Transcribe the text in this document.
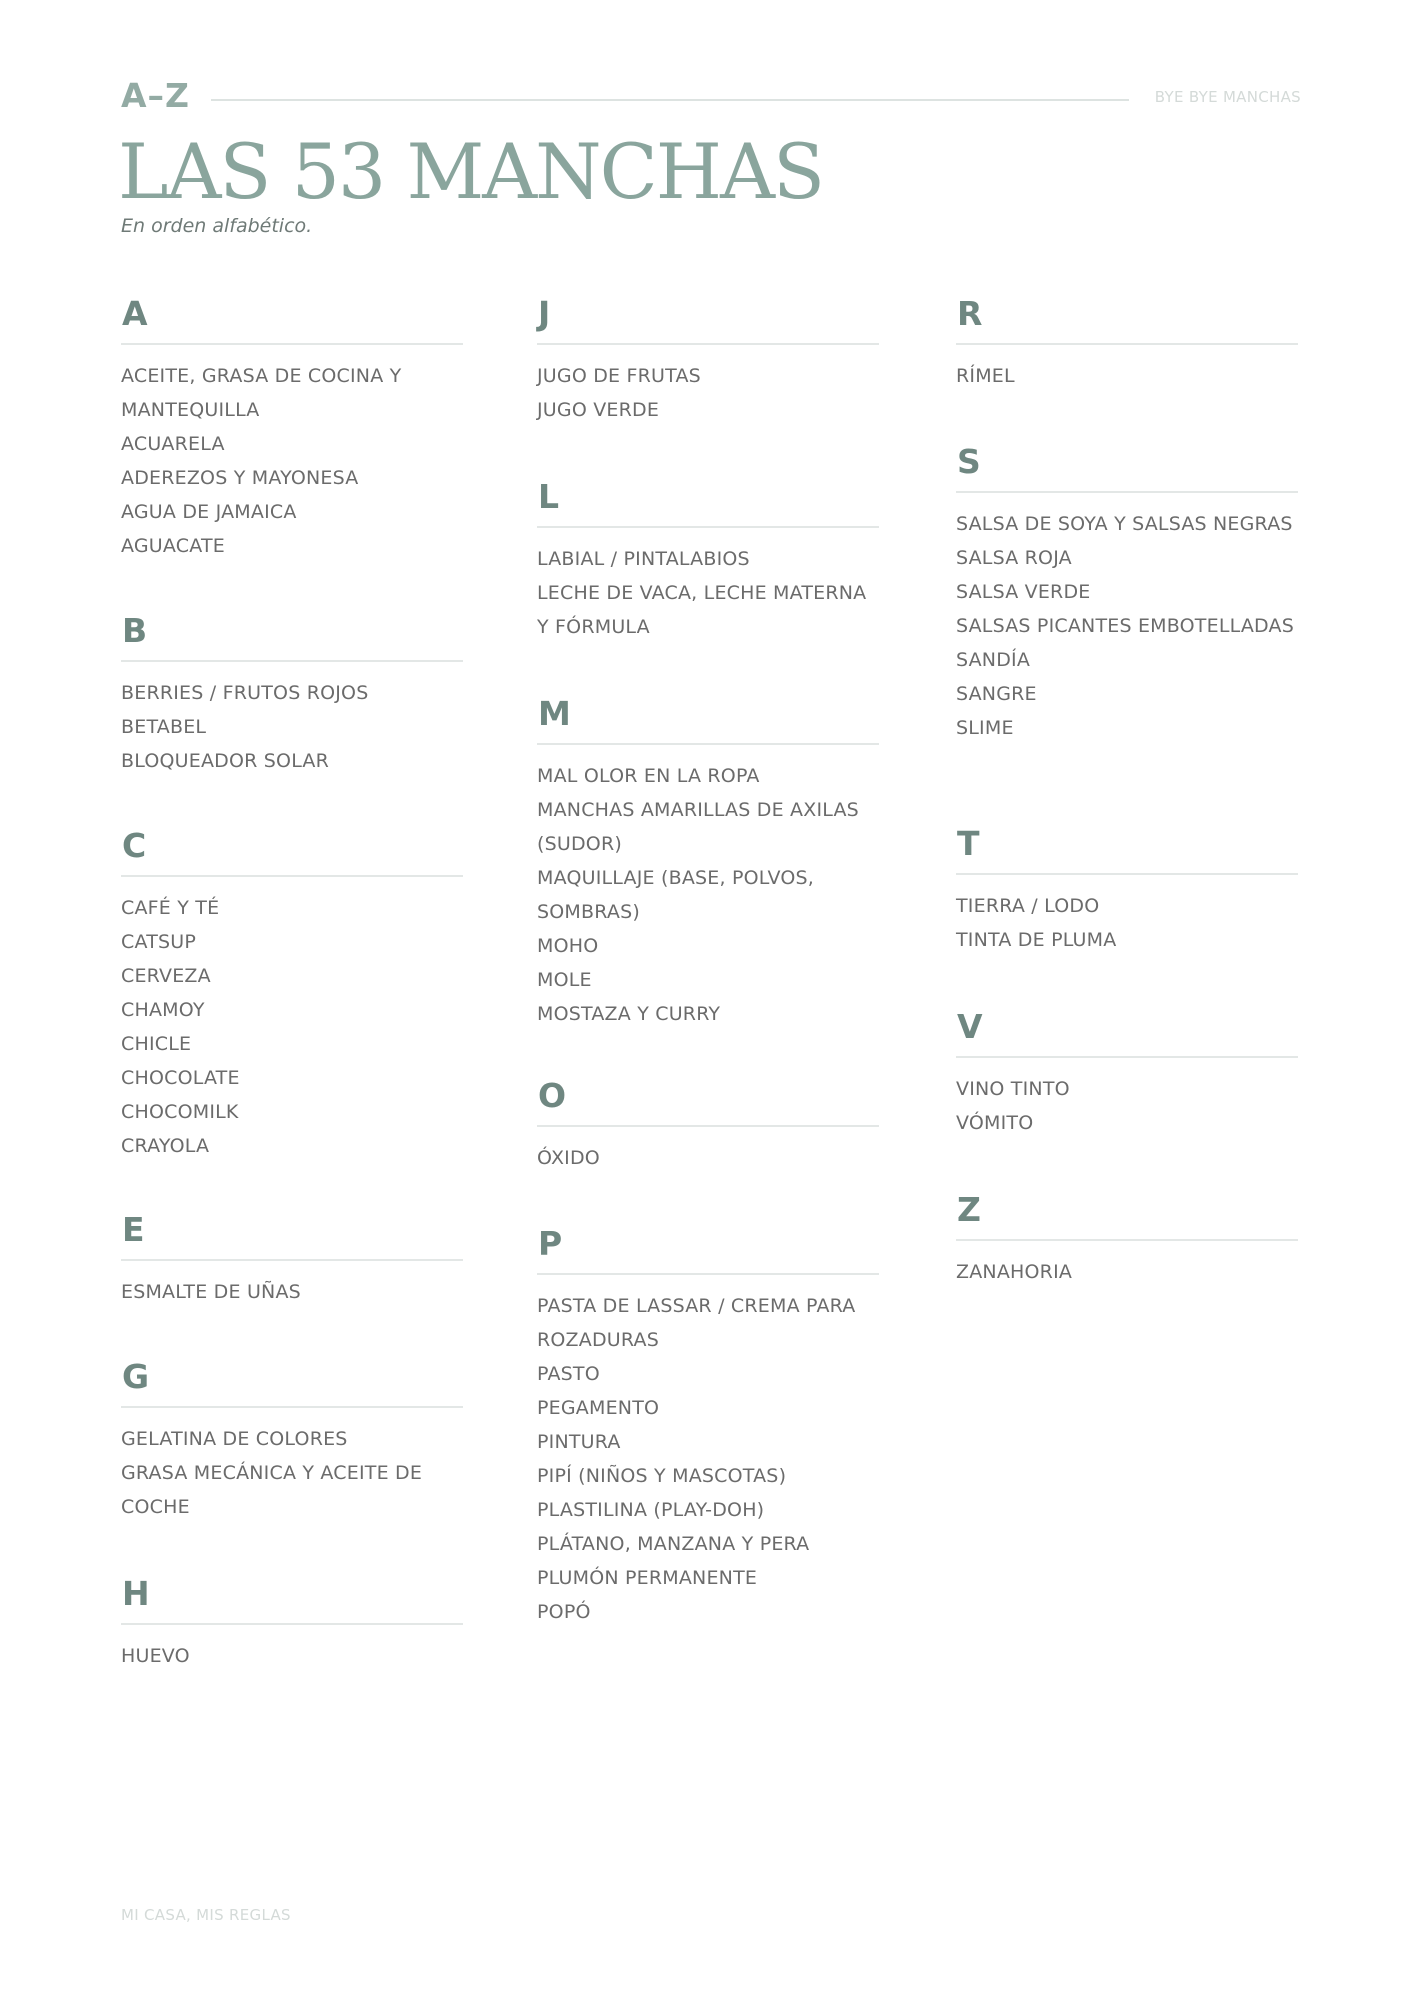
A–Z	BYE BYE MANCHAS
LAS 53 MANCHAS
En orden alfabético.
A
ACEITE, GRASA DE COCINA Y
MANTEQUILLA
ACUARELA
ADEREZOS Y MAYONESA
AGUA DE JAMAICA
AGUACATE
B
BERRIES / FRUTOS ROJOS
BETABEL
BLOQUEADOR SOLAR
C
CAFÉ Y TÉ
CATSUP
CERVEZA
CHAMOY
CHICLE
CHOCOLATE
CHOCOMILK
CRAYOLA
E
ESMALTE DE UÑAS
G
GELATINA DE COLORES
GRASA MECÁNICA Y ACEITE DE
COCHE
H
HUEVO
J
JUGO DE FRUTAS
JUGO VERDE
L
LABIAL / PINTALABIOS
LECHE DE VACA, LECHE MATERNA
Y FÓRMULA
M
MAL OLOR EN LA ROPA
MANCHAS AMARILLAS DE AXILAS
(SUDOR)
MAQUILLAJE (BASE, POLVOS,
SOMBRAS)
MOHO
MOLE
MOSTAZA Y CURRY
O
ÓXIDO
P
PASTA DE LASSAR / CREMA PARA
ROZADURAS
PASTO
PEGAMENTO
PINTURA
PIPÍ (NIÑOS Y MASCOTAS)
PLASTILINA (PLAY-DOH)
PLÁTANO, MANZANA Y PERA
PLUMÓN PERMANENTE
POPÓ
R
RÍMEL
S
SALSA DE SOYA Y SALSAS NEGRAS
SALSA ROJA
SALSA VERDE
SALSAS PICANTES EMBOTELLADAS
SANDÍA
SANGRE
SLIME
T
TIERRA / LODO
TINTA DE PLUMA
V
VINO TINTO
VÓMITO
Z
ZANAHORIA
MI CASA, MIS REGLAS
